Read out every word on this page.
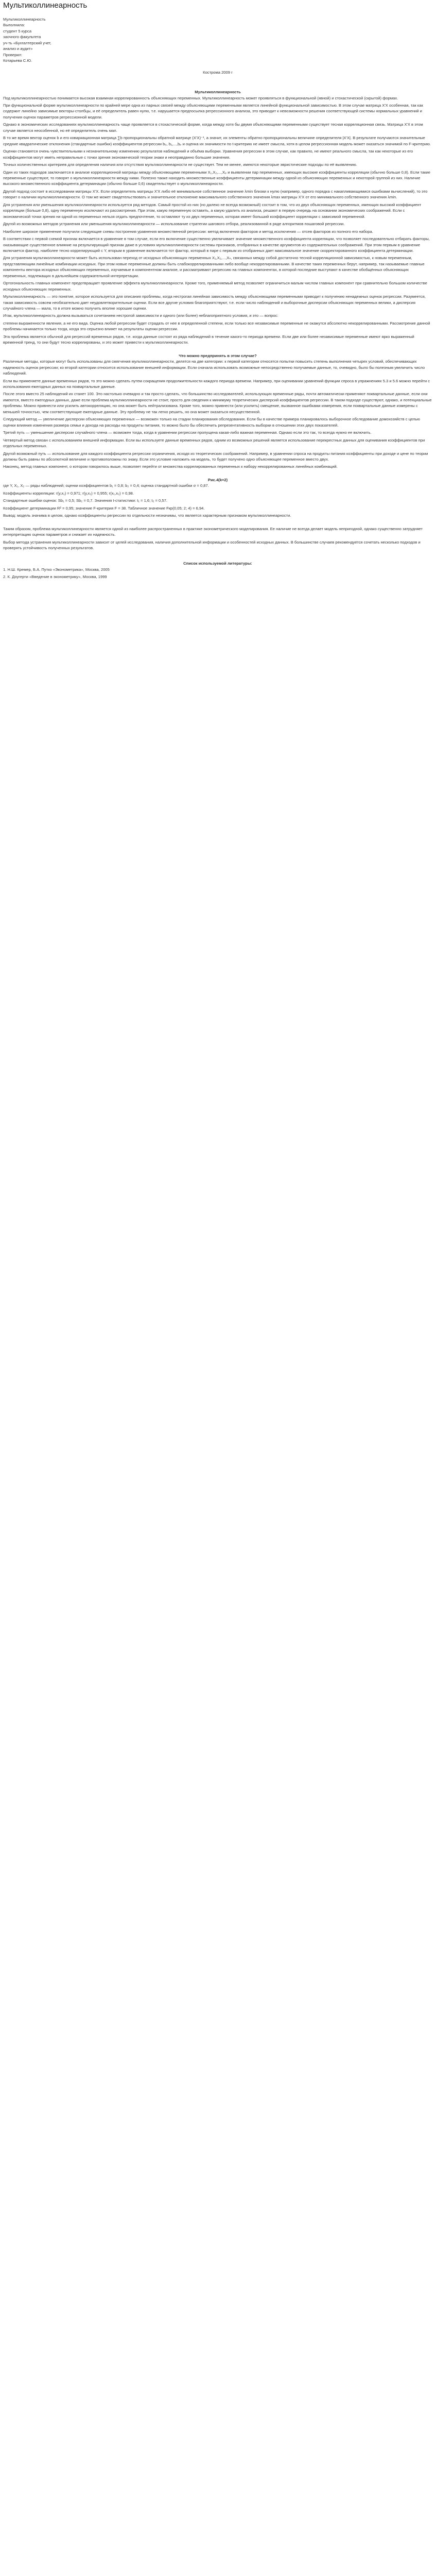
Мультиколлинеарность

Мультиколлинеарность

Выполнила:

студент 5 курса

заочного факультета

уч-ть «Бухгалтерский учет,

анализ и аудит»

Проверил:

Котарьева С.Ю.

Кострома 2009 г

Мультиколлинеарность

Под мультиколлинеарностью понимается высокая взаимная коррелированность объясняющих переменных. Мультиколлинеарность может проявляться в функциональной (явной) и стохастической (скрытой) формах.

При функциональной форме мультиколлинеарности по крайней мере одна из парных связей между объясняющими переменными является линейной функциональной зависимостью. В этом случае матрица Х'Х особенная, так как содержит линейно зависимые векторы-столбцы, и её определитель равен нулю, т.е. нарушается предпосылка регрессионного анализа, это приводит к невозможности решения соответствующей системы нормальных уравнений и получения оценок параметров регрессионной модели.

Однако в экономических исследованиях мультиколлинеарность чаще проявляется в стохастической форме, когда между хотя бы двумя объясняющими переменными существует тесная корреляционная связь. Матрица Х'Х в этом случае является неособенной, но её определитель очень мал.

В то же время вектор оценок b и его ковариационная матрица ∑b пропорциональны обратной матрице (Х'Х)⁻¹, а значит, их элементы обратно пропорциональны величине определителя |Х'Х|. В результате получаются значительные средние квадратические отклонения (стандартные ошибки) коэффициентов регрессии b₀, b₁,...,bₚ и оценка их значимости по t-критерию не имеет смысла, хотя в целом регрессионная модель может оказаться значимой по F-критерию.

Оценки становятся очень чувствительными к незначительному изменению результатов наблюдений и объёма выборки. Уравнения регрессии в этом случае, как правило, не имеют реального смысла, так как некоторые из его коэффициентов могут иметь неправильные с точки зрения экономической теории знаки и неоправданно большие значения.

Точных количественных критериев для определения наличия или отсутствия мультиколлинеарности не существует. Тем не менее, имеются некоторые эвристические подходы по её выявлению.

Один из таких подходов заключается в анализе корреляционной матрицы между объясняющими переменными Х₁,Х₂,...,Хₚ и выявлении пар переменных, имеющих высокие коэффициенты корреляции (обычно больше 0,8). Если такие переменные существуют, то говорят о мультиколлинеарности между ними. Полезно также находить множественные коэффициенты детерминации между одной из объясняющих переменных и некоторой группой из них. Наличие высокого множественного коэффициента детерминации (обычно больше 0,6) свидетельствует о мультиколлинеарности.

Другой подход состоит в исследовании матрицы Х'Х. Если определитель матрицы Х'Х либо её минимальное собственное значение λmin близки к нулю (например, одного порядка с накапливающимися ошибками вычислений), то это говорит о наличии мультиколлинеарности. О том же может свидетельствовать и значительное отклонение максимального собственного значения λmax матрицы Х'Х от его минимального собственного значения λmin.

Для устранения или уменьшения мультиколлинеарности используется ряд методов. Самый простой из них (но далеко не всегда возможный) состоит в том, что из двух объясняющих переменных, имеющих высокий коэффициент корреляции (больше 0,8), одну переменную исключают из рассмотрения. При этом, какую переменную оставить, а какую удалить из анализа, решают в первую очередь на основании экономических соображений. Если с экономической точки зрения ни одной из переменных нельзя отдать предпочтение, то оставляют ту из двух переменных, которая имеет больший коэффициент корреляции с зависимой переменной.

Другой из возможных методов устранения или уменьшения мультиколлинеарности — использование стратегии шагового отбора, реализованной в ряде алгоритмов пошаговой регрессии.

Наиболее широкое применение получили следующие схемы построения уравнения множественной регрессии: метод включения факторов и метод исключения — отсев факторов из полного его набора.

В соответствии с первой схемой признак включается в уравнение в том случае, если его включение существенно увеличивает значение множественного коэффициента корреляции, что позволяет последовательно отбирать факторы, оказывающие существенное влияние на результирующий признак даже в условиях мультиколлинеарности системы признаков, отобранных в качестве аргументов из содержательных соображений. При этом первым в уравнение включается фактор, наиболее тесно коррелирующий с Y, вторым в уравнение включается тот фактор, который в паре с первым из отобранных дает максимальное значение скорректированного коэффициента детерминации.

Для устранения мультиколлинеарности может быть использован переход от исходных объясняющих переменных Х₁,Х₂,...,Хₙ, связанных между собой достаточно тесной корреляционной зависимостью, к новым переменным, представляющим линейные комбинации исходных. При этом новые переменные должны быть слабокоррелированными либо вообще некоррелированными. В качестве таких переменных берут, например, так называемые главные компоненты вектора исходных объясняющих переменных, изучаемые в компонентном анализе, и рассматривают регрессию на главных компонентах, в которой последние выступают в качестве обобщённых объясняющих переменных, подлежащих в дальнейшем содержательной интерпретации.

Ортогональность главных компонент предотвращает проявление эффекта мультиколлинеарности. Кроме того, применяемый метод позволяет ограничиться малым числом главных компонент при сравнительно большом количестве исходных объясняющих переменных.

Мультиколлинеарность — это понятие, которое используется для описания проблемы, когда нестрогая линейная зависимость между объясняющими переменными приводит к получению ненадежных оценок регрессии. Разумеется, такая зависимость совсем необязательно дает неудовлетворительные оценки. Если все другие условия благоприятствуют, т.е. если число наблюдений и выборочные дисперсии объясняющих переменных велики, а дисперсия случайного члена — мала, то в итоге можно получить вполне хорошие оценки.

Итак, мультиколлинеарность должна вызываться сочетанием нестрогой зависимости и одного (или более) неблагоприятного условия, и это — вопрос:

степени выраженности явления, а не его вида. Оценка любой регрессии будет страдать от нее в определенной степени, если только все независимые переменные не окажутся абсолютно некоррелированными. Рассмотрение данной проблемы начинается только тогда, когда это серьезно влияет на результаты оценки регрессии.

Эта проблема является обычной для регрессий временных рядов, т.е. когда данные состоят из ряда наблюдений в течение какого-то периода времени. Если две или более независимые переменные имеют ярко выраженный временной тренд, то они будут тесно коррелированы, и это может привести к мультиколлинеарности.

Что можно предпринять в этом случае?

Различные методы, которые могут быть использованы для смягчения мультиколлинеарности, делятся на две категории: к первой категории относятся попытки повысить степень выполнения четырех условий, обеспечивающих надежность оценок регрессии; ко второй категории относится использование внешней информации. Если сначала использовать возможные непосредственно получаемые данные, то, очевидно, было бы полезным увеличить число наблюдений.

Если вы применяете данные временных рядов, то это можно сделать путем сокращения продолжительности каждого периода времени. Например, при оценивании уравнений функции спроса в упражнениях 5.3 и 5.6 можно перейти с использования ежегодных данных на поквартальные данные.

После этого вместо 25 наблюдений их станет 100. Это настолько очевидно и так просто сделать, что большинство исследователей, использующих временные ряды, почти автоматически применяют поквартальные данные, если они имеются, вместо ежегодных данных, даже если проблема мультиколлинеарности не стоит, просто для сведения к минимуму теоретических дисперсий коэффициентов регрессии. В таком подходе существуют, однако, и потенциальные проблемы. Можно привнести или усилить автокорреляцию, но она может быть нейтрализована. Кроме того, можно привнести (или усилить) смещение, вызванное ошибками измерения, если поквартальные данные измерены с меньшей точностью, чем соответствующие ежегодные данные. Эту проблему не так легко решить, но она может оказаться несущественной.

Следующий метод — увеличение дисперсии объясняющих переменных — возможен только на стадии планирования обследования. Если бы в качестве примера планировалось выборочное обследование домохозяйств с целью оценки влияния изменения размера семьи и дохода на расходы на продукты питания, то можно было бы обеспечить репрезентативность выборки в отношении этих двух показателей.

Третий путь — уменьшение дисперсии случайного члена — возможен тогда, когда в уравнении регрессии пропущена какая-либо важная переменная. Однако если это так, то всегда нужно ее включить.

Четвертый метод связан с использованием внешней информации. Если вы используете данные временных рядов, одним из возможных решений является использование перекрестных данных для оценивания коэффициентов при отдельных переменных.

Другой возможный путь — использование для каждого коэффициента регрессии ограничения, исходя из теоретических соображений. Например, в уравнении спроса на продукты питания коэффициенты при доходе и цене по теории должны быть равны по абсолютной величине и противоположны по знаку. Если это условие наложить на модель, то будет получено одно объясняющее переменное вместо двух.

Наконец, метод главных компонент, о котором говорилось выше, позволяет перейти от множества коррелированных переменных к набору некоррелированных линейных комбинаций.

Рис.4(k=2)

где Y, X₁, X₂ — ряды наблюдений; оценки коэффициентов b₁ = 0,8; b₂ = 0,4; оценка стандартной ошибки σ = 0,87.

Коэффициенты корреляции: r(y,x₁) = 0,971; r(y,x₂) = 0,955; r(x₁,x₂) = 0,98.

Стандартные ошибки оценок: Sb₁ = 0,5; Sb₂ = 0,7. Значения t-статистики: t₁ = 1,6; t₂ = 0,57.

Коэффициент детерминации R² = 0,95; значение F-критерия F = 38. Табличное значение Fкр(0,05; 2; 4) = 6,94.

Вывод: модель значима в целом, однако коэффициенты регрессии по отдельности незначимы, что является характерным признаком мультиколлинеарности.

Таким образом, проблема мультиколлинеарности является одной из наиболее распространенных в практике эконометрического моделирования. Ее наличие не всегда делает модель непригодной, однако существенно затрудняет интерпретацию оценок параметров и снижает их надежность.

Выбор метода устранения мультиколлинеарности зависит от целей исследования, наличия дополнительной информации и особенностей исходных данных. В большинстве случаев рекомендуется сочетать несколько подходов и проверять устойчивость полученных результатов.

Список используемой литературы:

1. Н.Ш. Кремер, Б.А. Путко «Эконометрика», Москва, 2005

2. К. Доугерти «Введение в эконометрику», Москва, 1999
